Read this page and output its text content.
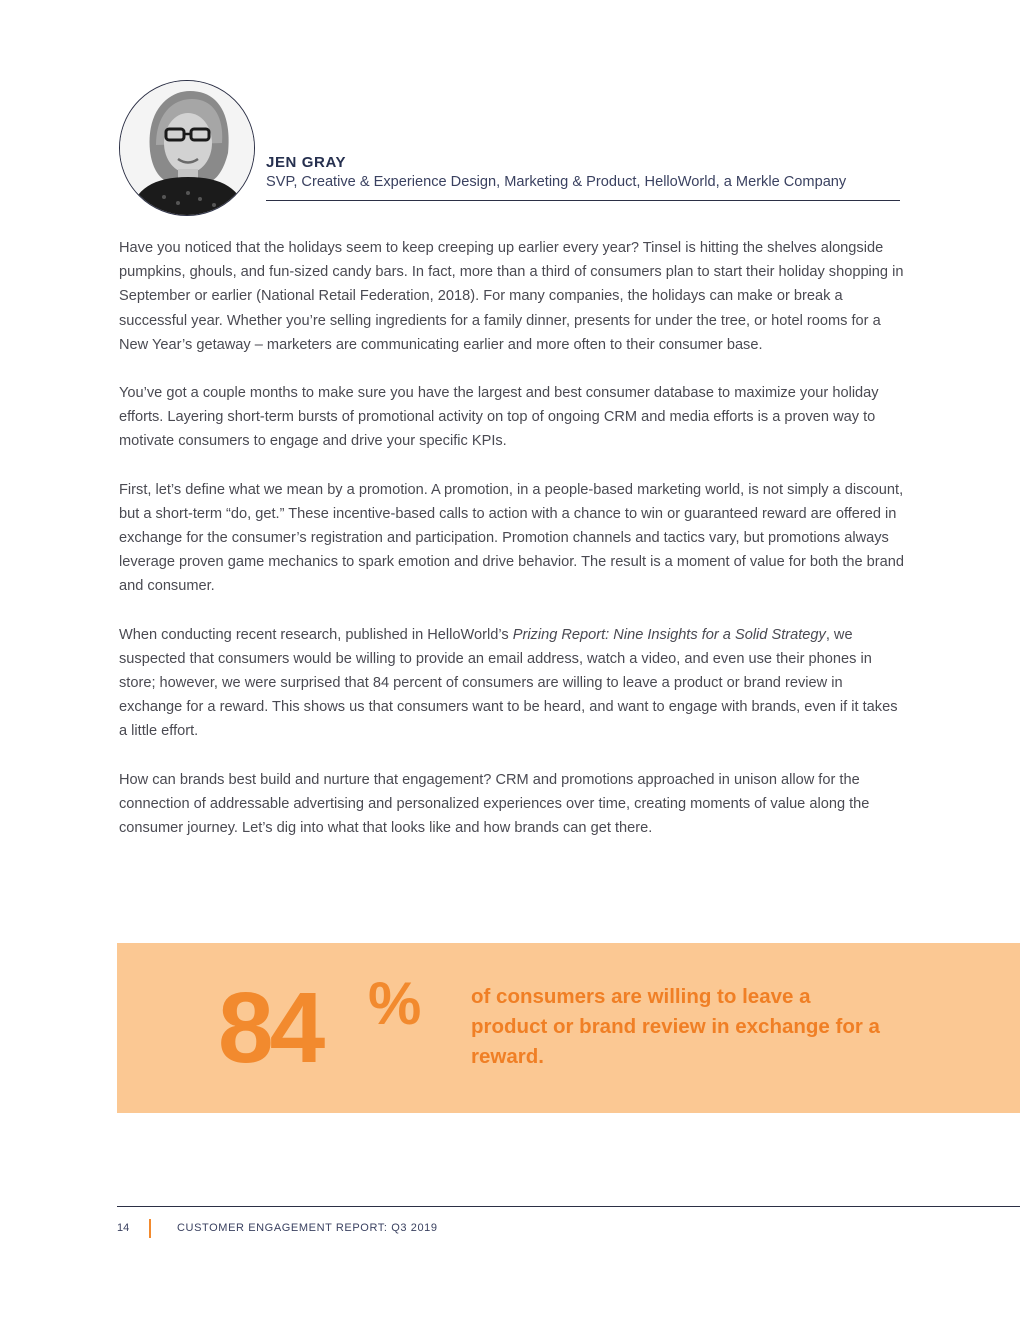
JEN GRAY
SVP, Creative & Experience Design, Marketing & Product, HelloWorld, a Merkle Company

Have you noticed that the holidays seem to keep creeping up earlier every year? Tinsel is hitting the shelves alongside pumpkins, ghouls, and fun-sized candy bars. In fact, more than a third of consumers plan to start their holiday shopping in September or earlier (National Retail Federation, 2018). For many companies, the holidays can make or break a successful year. Whether you’re selling ingredients for a family dinner, presents for under the tree, or hotel rooms for a New Year’s getaway – marketers are communicating earlier and more often to their consumer base.

You’ve got a couple months to make sure you have the largest and best consumer database to maximize your holiday efforts. Layering short-term bursts of promotional activity on top of ongoing CRM and media efforts is a proven way to motivate consumers to engage and drive your specific KPIs.

First, let’s define what we mean by a promotion. A promotion, in a people-based marketing world, is not simply a discount, but a short-term “do, get.” These incentive-based calls to action with a chance to win or guaranteed reward are offered in exchange for the consumer’s registration and participation. Promotion channels and tactics vary, but promotions always leverage proven game mechanics to spark emotion and drive behavior. The result is a moment of value for both the brand and consumer.

When conducting recent research, published in HelloWorld’s Prizing Report: Nine Insights for a Solid Strategy, we suspected that consumers would be willing to provide an email address, watch a video, and even use their phones in store; however, we were surprised that 84 percent of consumers are willing to leave a product or brand review in exchange for a reward. This shows us that consumers want to be heard, and want to engage with brands, even if it takes a little effort.

How can brands best build and nurture that engagement? CRM and promotions approached in unison allow for the connection of addressable advertising and personalized experiences over time, creating moments of value along the consumer journey. Let’s dig into what that looks like and how brands can get there.

84 % of consumers are willing to leave a product or brand review in exchange for a reward.
14	CUSTOMER ENGAGEMENT REPORT: Q3 2019
